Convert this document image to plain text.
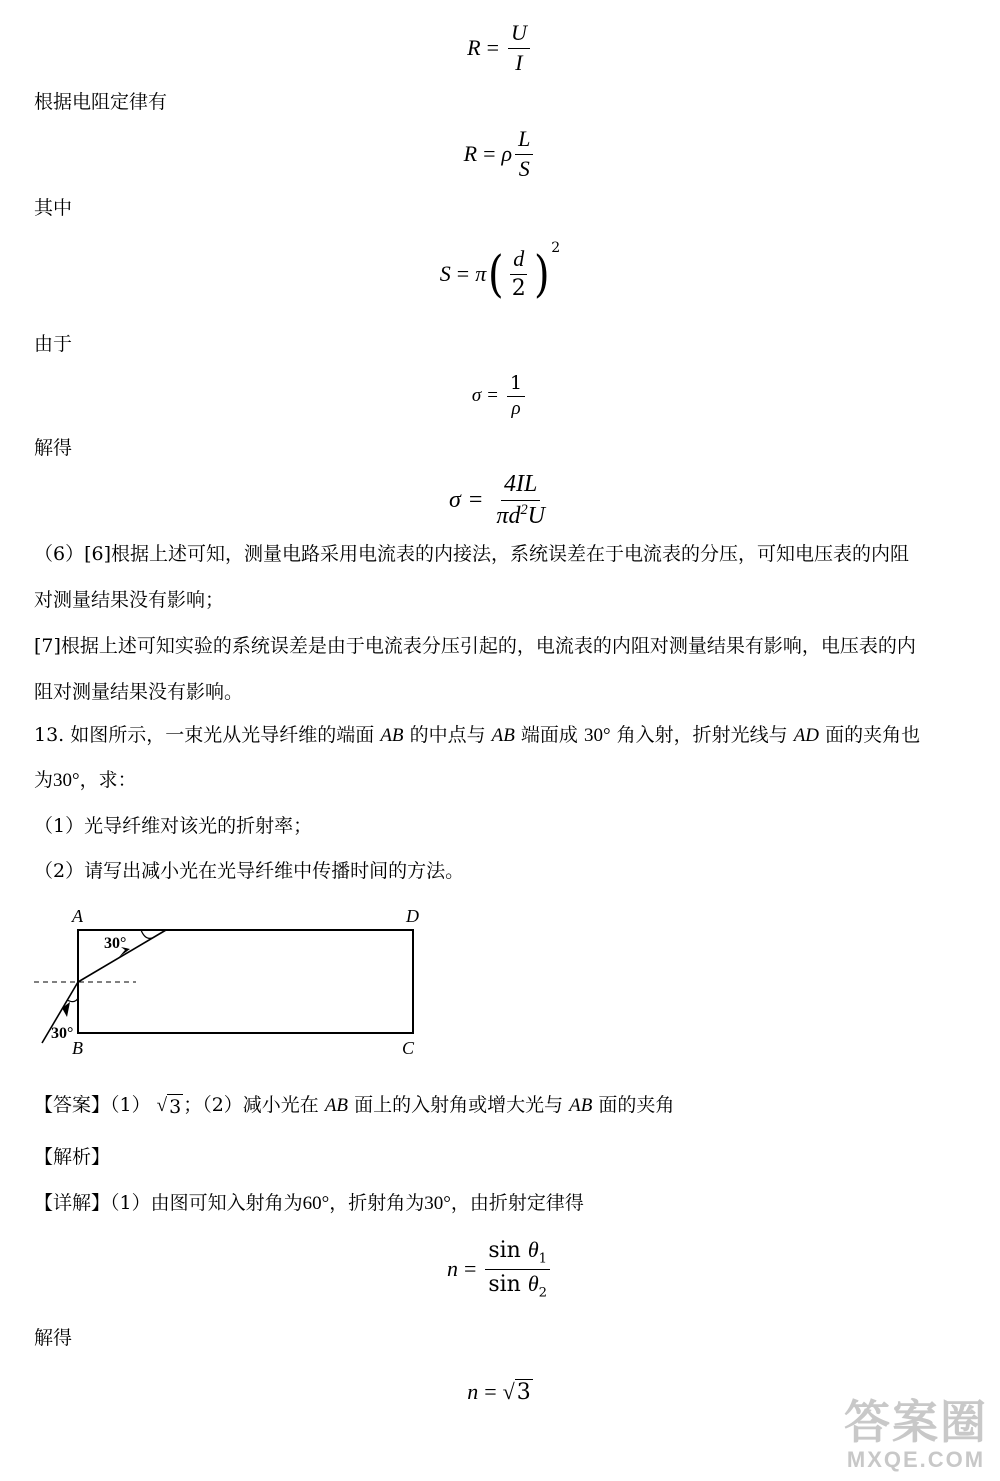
$R = \frac{U}{I}$
根据电阻定律有
R = ρ $\frac{L}{S}$
其中
S = π ( $\frac{d}{2}$ ) 2
由于
$\sigma = \frac{1}{\rho}$
解得
$\sigma = \frac{4IL}{\pi d^2U}$
（6）[6]根据上述可知，测量电路采用电流表的内接法，系统误差在于电流表的分压，可知电压表的内阻
对测量结果没有影响；
[7]根据上述可知实验的系统误差是由于电流表分压引起的，电流表的内阻对测量结果有影响，电压表的内
阻对测量结果没有影响。
13. 如图所示，一束光从光导纤维的端面 AB 的中点与 AB 端面成 30° 角入射，折射光线与 AD 面的夹角也
为30°，求：
（1）光导纤维对该光的折射率；
（2）请写出减小光在光导纤维中传播时间的方法。
A	D
B	C
30°
30°
【答案】（1） √ 3 ；（2）减小光在 AB 面上的入射角或增大光与 AB 面的夹角
【解析】
【详解】（1）由图可知入射角为60°，折射角为30°，由折射定律得
$n = \frac{\sin \theta_1}{\sin \theta_2}$
解得
n = √ 3
答案圈
MXQE.COM
